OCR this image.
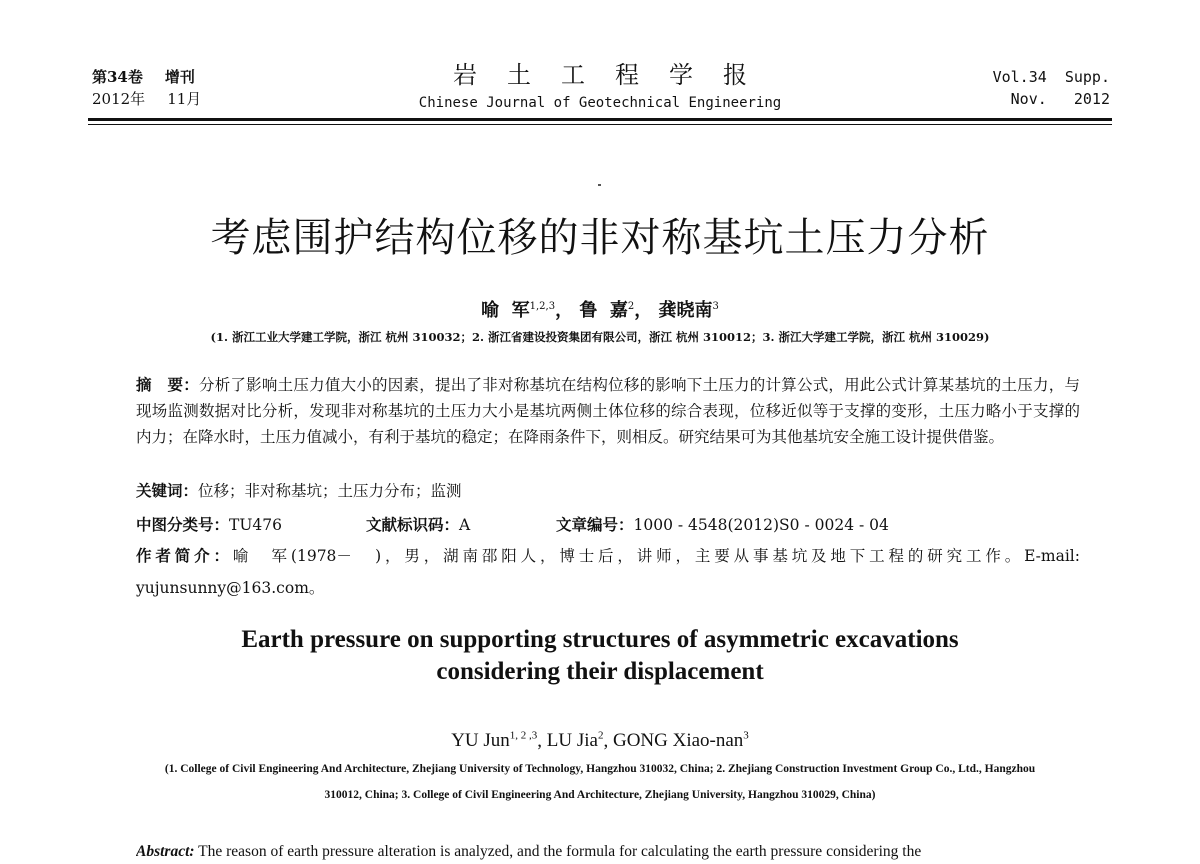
第34卷 增刊
2012年 11月
岩土工程学报
Chinese Journal of Geotechnical Engineering
Vol.34  Supp.
Nov.   2012
考虑围护结构位移的非对称基坑土压力分析
喻  军$^{1,2,3}$， 鲁  嘉$^2$， 龚晓南$^3$
(1. 浙江工业大学建工学院，浙江 杭州 310032；2. 浙江省建设投资集团有限公司，浙江 杭州 310012；3. 浙江大学建工学院，浙江 杭州 310029)
摘　要：分析了影响土压力值大小的因素，提出了非对称基坑在结构位移的影响下土压力的计算公式，用此公式计算某基坑的土压力，与现场监测数据对比分析，发现非对称基坑的土压力大小是基坑两侧土体位移的综合表现，位移近似等于支撑的变形，土压力略小于支撑的内力；在降水时，土压力值减小，有利于基坑的稳定；在降雨条件下，则相反。研究结果可为其他基坑安全施工设计提供借鉴。
关键词：位移；非对称基坑；土压力分布；监测
中图分类号：TU476	文献标识码：A	文章编号：1000 - 4548(2012)S0 - 0024 - 04
作者简介：喻　军(1978－　)，男，湖南邵阳人，博士后，讲师，主要从事基坑及地下工程的研究工作。E-mail: yujunsunny@163.com。
Earth pressure on supporting structures of asymmetric excavations
considering their displacement
YU Jun$^{1, 2 ,3}$, LU Jia$^2$, GONG Xiao-nan$^3$
(1. College of Civil Engineering And Architecture, Zhejiang University of Technology, Hangzhou 310032, China; 2. Zhejiang Construction Investment Group Co., Ltd., Hangzhou 310012, China; 3. College of Civil Engineering And Architecture, Zhejiang University, Hangzhou 310029, China)
Abstract: The reason of earth pressure alteration is analyzed, and the formula for calculating the earth pressure considering the
